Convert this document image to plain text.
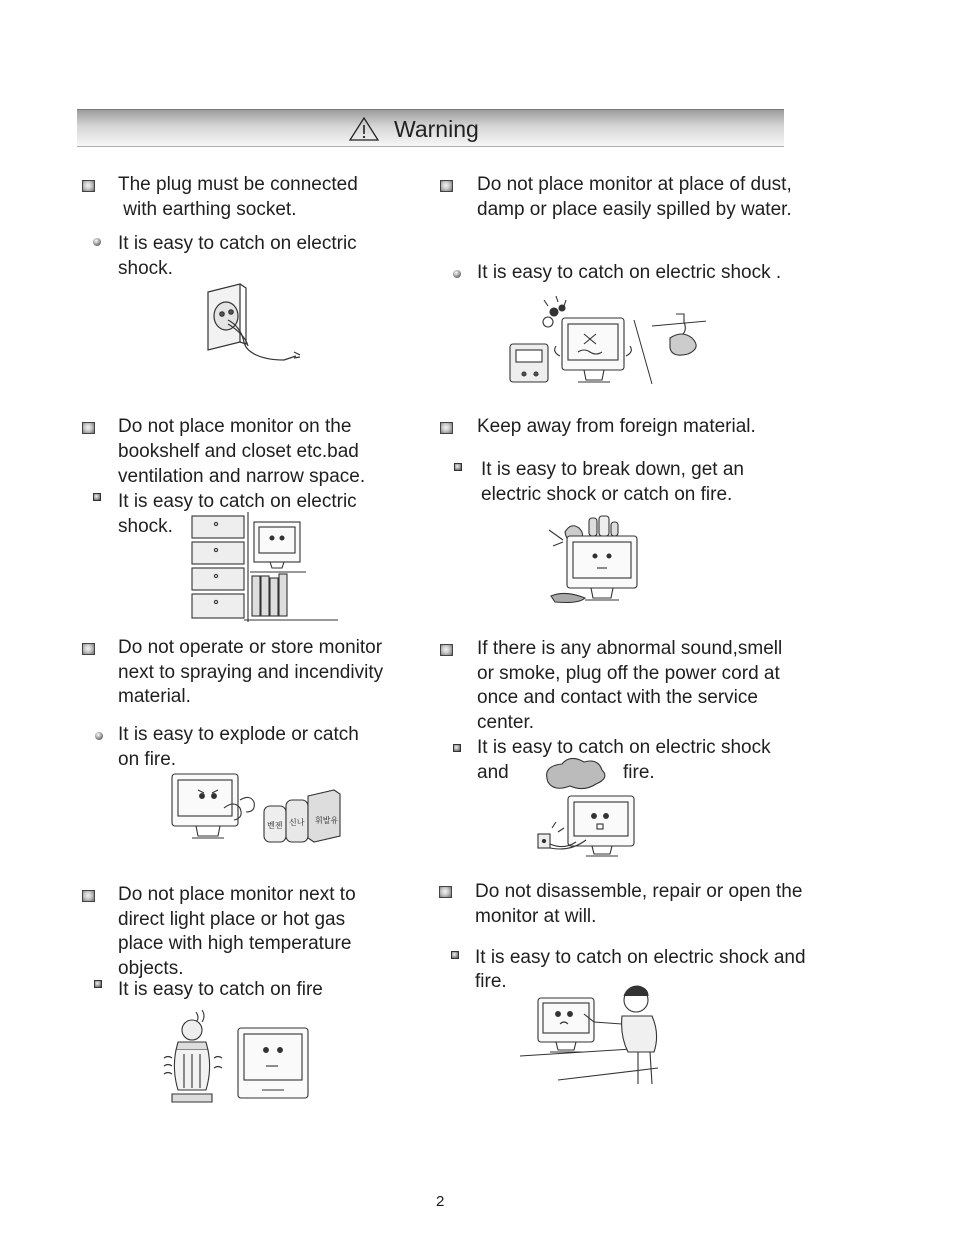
Warning
The plug must be connected
with earthing socket.
It is easy to catch on electric
shock.
Do not place monitor at place of dust,
damp or place easily spilled by water.
It is easy to catch on electric shock .
Do not place monitor on the
bookshelf and closet etc.bad
ventilation and narrow space.
It is easy to catch on electric
shock.
Keep away from foreign material.
It is easy to break down, get an
electric shock or catch on fire.
Do not operate or store monitor
next to spraying and incendivity
material.
It is easy to explode or catch
on fire.
벤젠 신나 휘발유
If there is any abnormal sound,smell
or smoke, plug off the power cord at
once and contact with the service
center.
It is easy to catch on electric shock
and	fire.
Do not place monitor next to
direct light place or hot gas
place with high temperature
objects.
It is easy to catch on fire
Do not disassemble, repair or open the
monitor at will.
It is easy to catch on electric shock and
fire.
2
